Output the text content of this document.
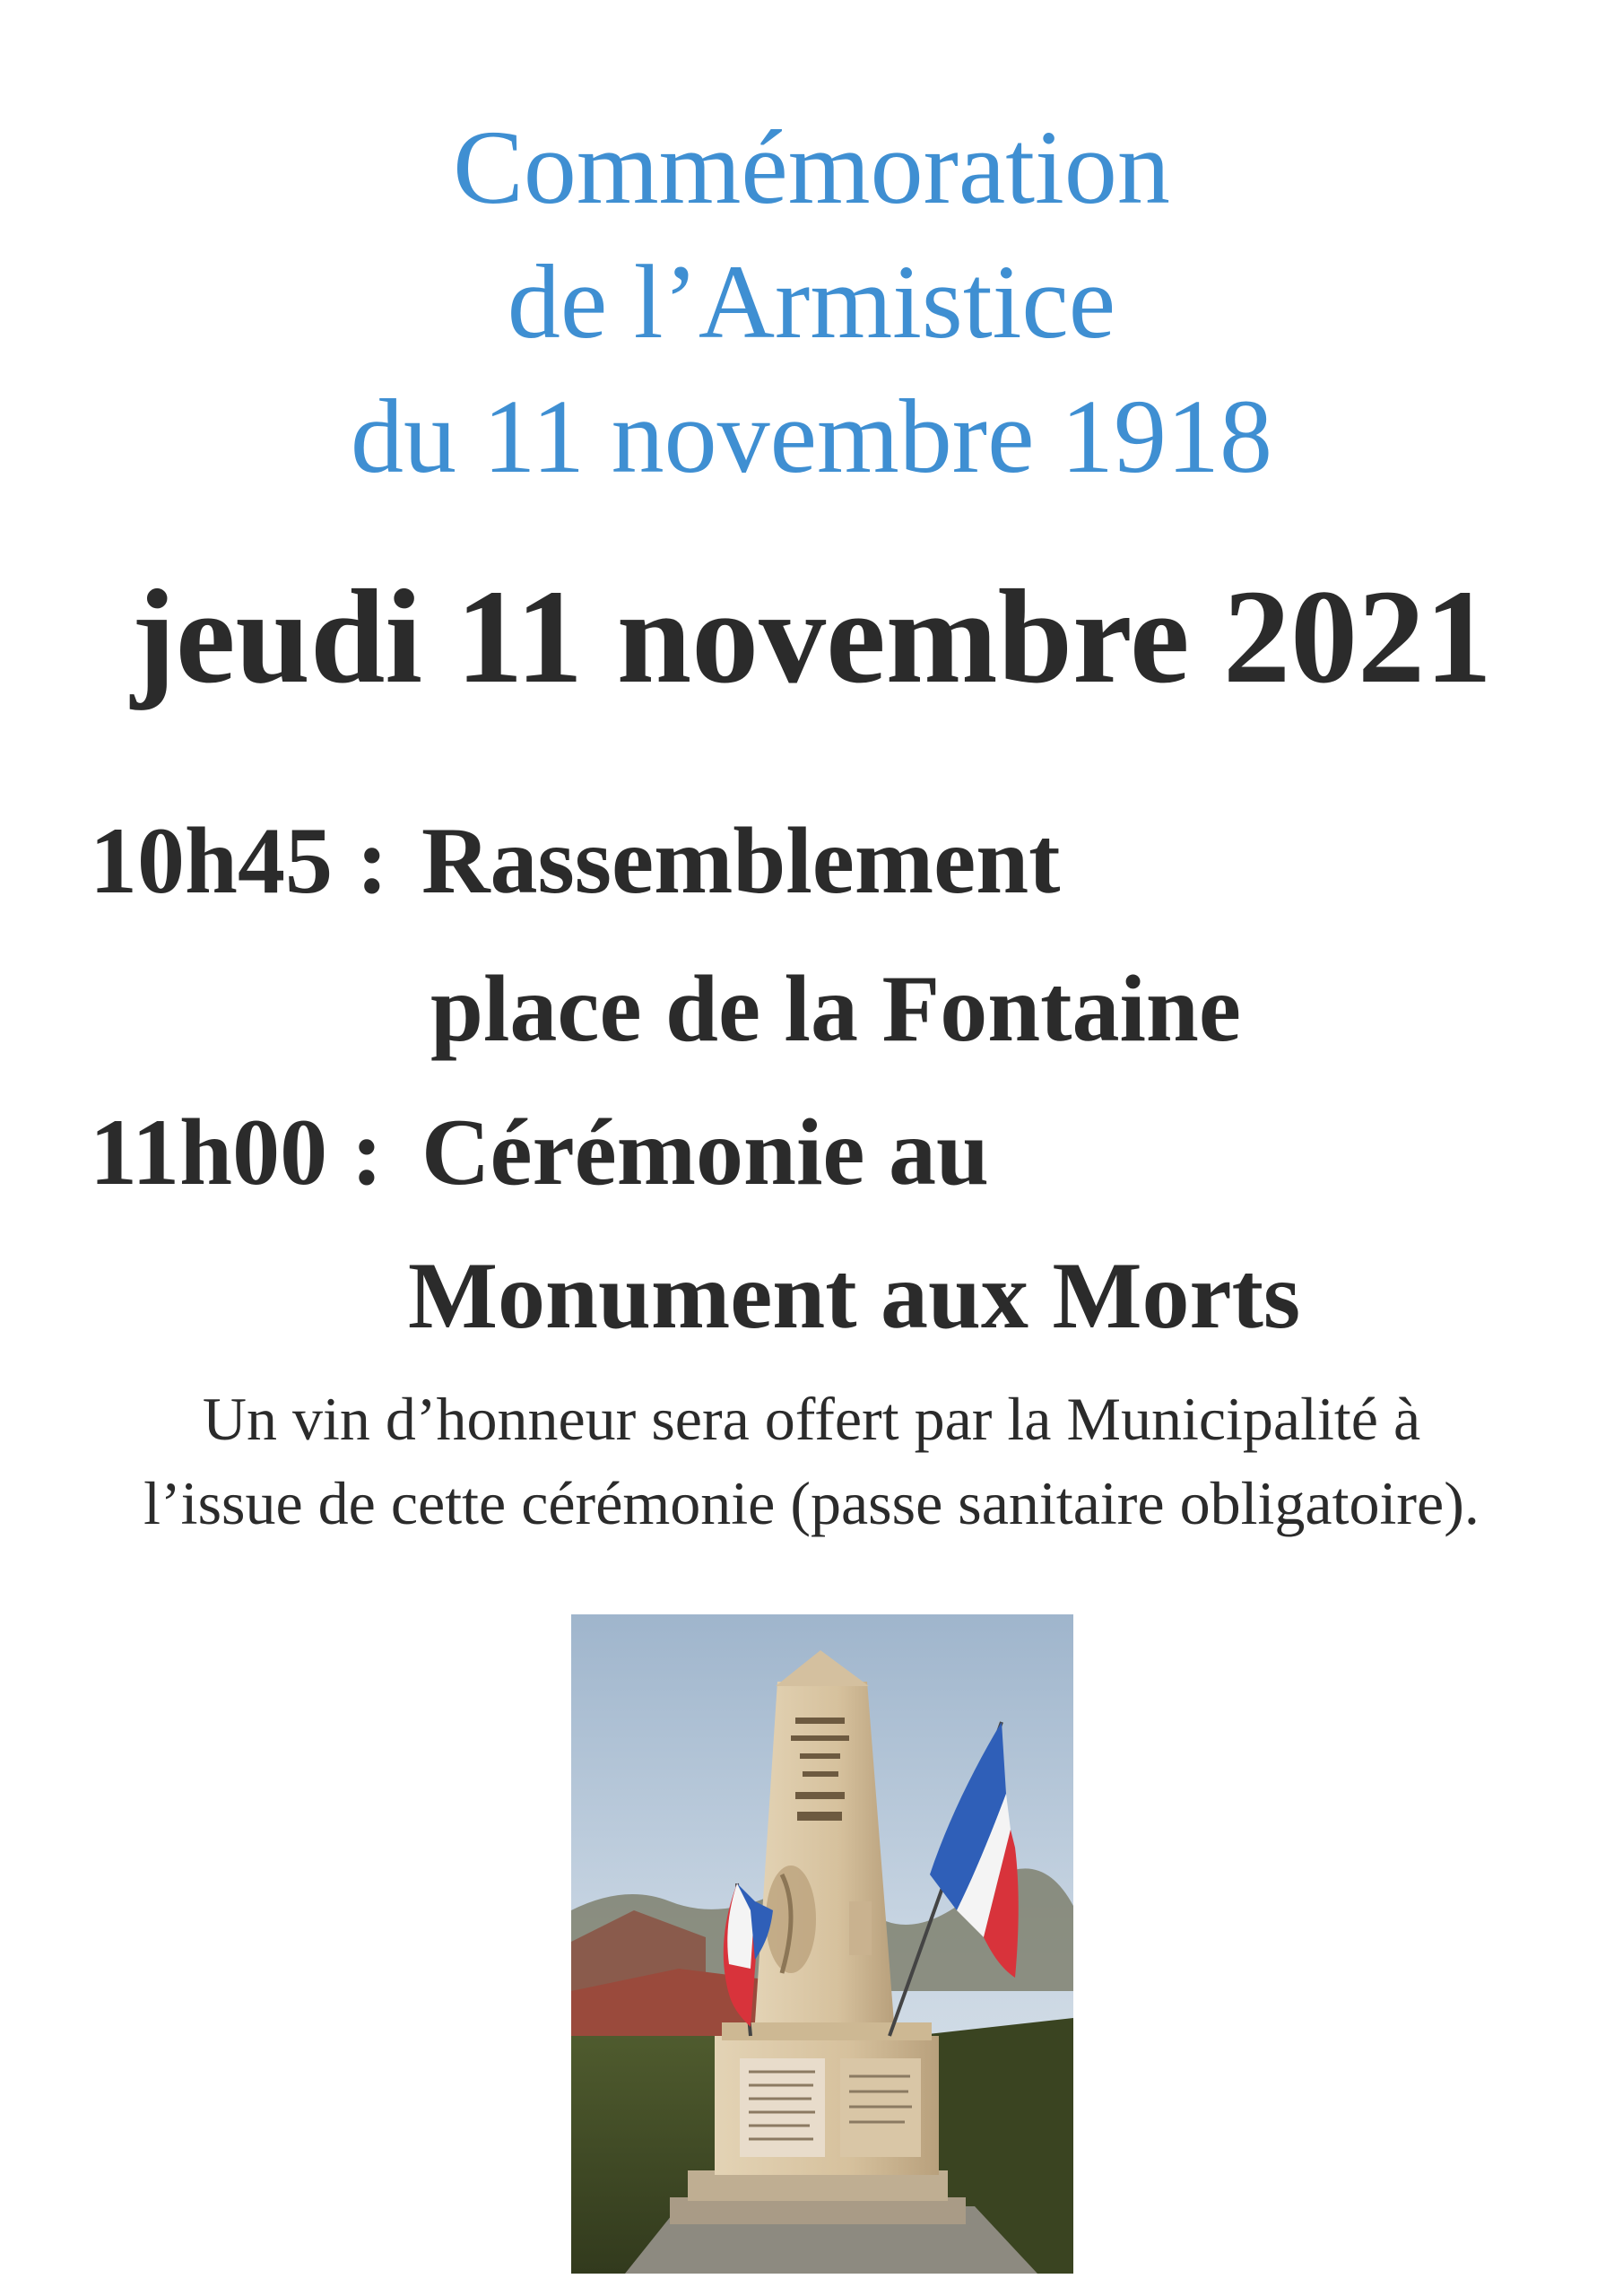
Commémoration
de l’Armistice
du 11 novembre 1918
jeudi 11 novembre 2021
10h45 : Rassemblement
place de la Fontaine
11h00 : Cérémonie au
Monument aux Morts
Un vin d’honneur sera offert par la Municipalité à
l’issue de cette cérémonie (passe sanitaire obligatoire).
